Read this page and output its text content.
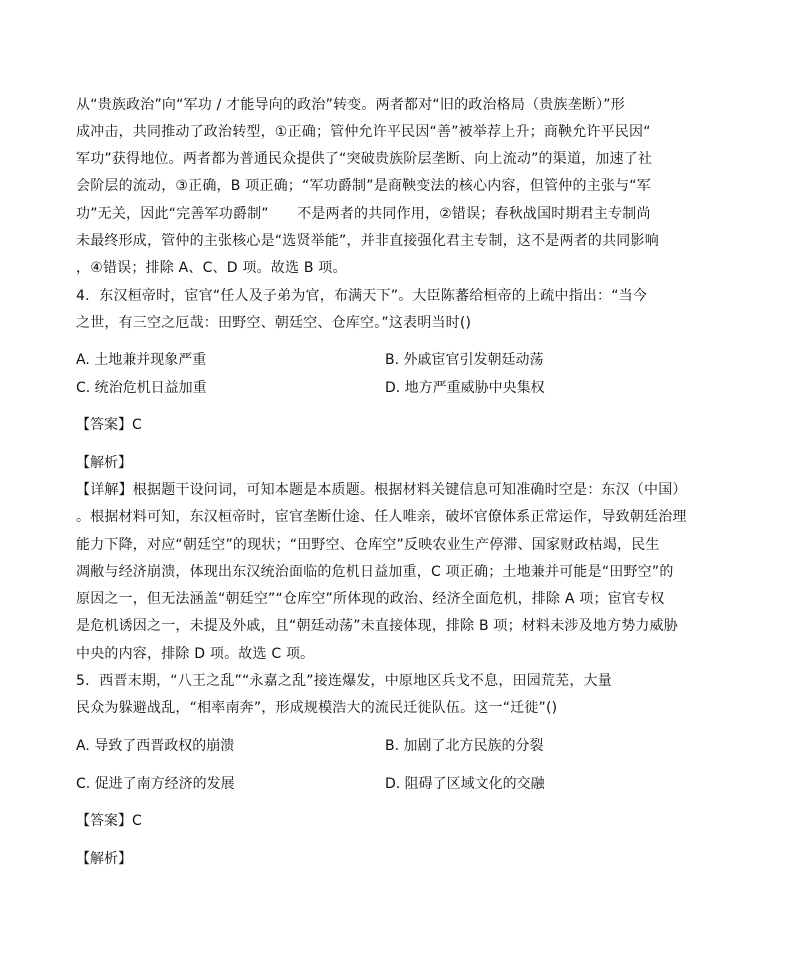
从“贵族政治”向“军功 / 才能导向的政治”转变。两者都对“旧的政治格局（贵族垄断）”形
成冲击，共同推动了政治转型，①正确；管仲允许平民因“善”被举荐上升；商鞅允许平民因“
军功”获得地位。两者都为普通民众提供了“突破贵族阶层垄断、向上流动”的渠道，加速了社
会阶层的流动，③正确，B 项正确；“军功爵制”是商鞅变法的核心内容，但管仲的主张与“军
功”无关，因此“完善军功爵制”　　不是两者的共同作用，②错误；春秋战国时期君主专制尚
未最终形成，管仲的主张核心是“选贤举能”，并非直接强化君主专制，这不是两者的共同影响
，④错误；排除 A、C、D 项。故选 B 项。
4．东汉桓帝时，宦官“任人及子弟为官，布满天下”。大臣陈蕃给桓帝的上疏中指出：“当今
之世，有三空之厄哉：田野空、朝廷空、仓库空。”这表明当时()
A. 土地兼并现象严重	B. 外戚宦官引发朝廷动荡
C. 统治危机日益加重	D. 地方严重威胁中央集权
【答案】C
【解析】
【详解】根据题干设问词，可知本题是本质题。根据材料关键信息可知准确时空是：东汉（中国）
。根据材料可知，东汉桓帝时，宦官垄断仕途、任人唯亲，破坏官僚体系正常运作，导致朝廷治理
能力下降，对应“朝廷空”的现状；“田野空、仓库空”反映农业生产停滞、国家财政枯竭，民生
凋敝与经济崩溃，体现出东汉统治面临的危机日益加重，C 项正确；土地兼并可能是“田野空”的
原因之一，但无法涵盖“朝廷空”“仓库空”所体现的政治、经济全面危机，排除 A 项；宦官专权
是危机诱因之一，未提及外戚，且“朝廷动荡”未直接体现，排除 B 项；材料未涉及地方势力威胁
中央的内容，排除 D 项。故选 C 项。
5．西晋末期，“八王之乱”“永嘉之乱”接连爆发，中原地区兵戈不息，田园荒芜，大量
民众为躲避战乱，“相率南奔”，形成规模浩大的流民迁徙队伍。这一“迁徙”()
A. 导致了西晋政权的崩溃	B. 加剧了北方民族的分裂
C. 促进了南方经济的发展	D. 阻碍了区域文化的交融
【答案】C
【解析】
